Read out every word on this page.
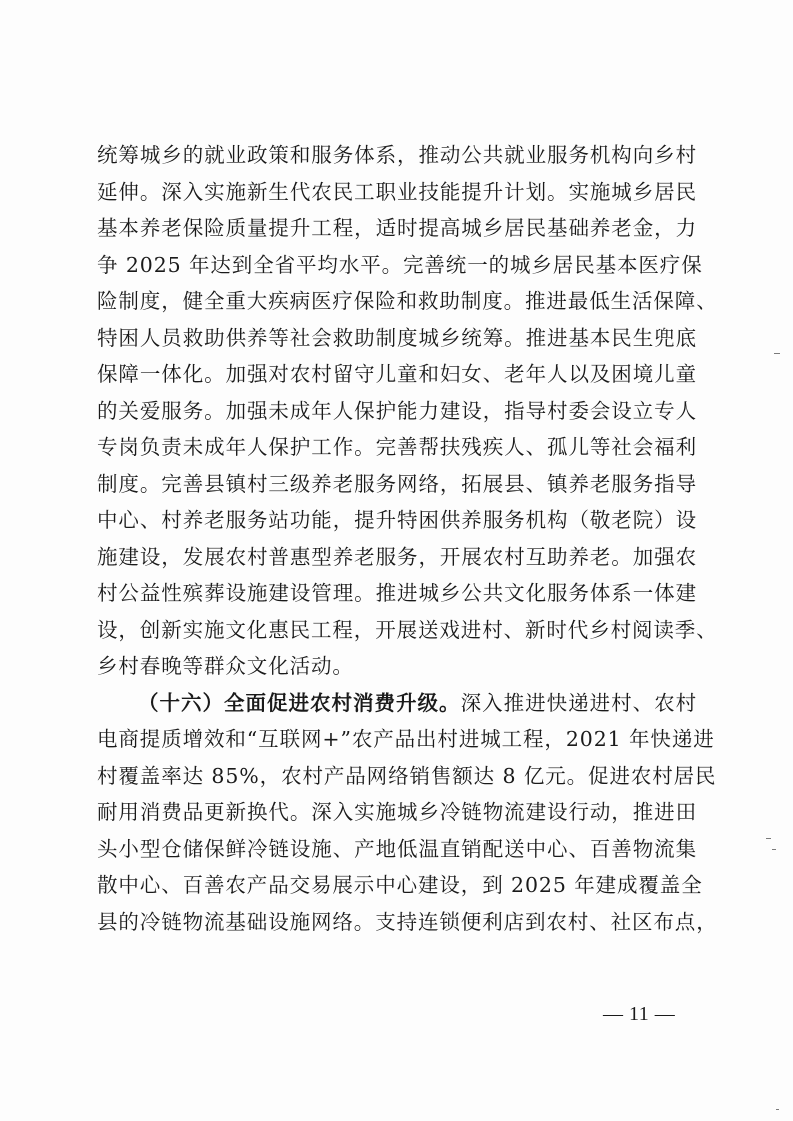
统筹城乡的就业政策和服务体系，推动公共就业服务机构向乡村
延伸。深入实施新生代农民工职业技能提升计划。实施城乡居民
基本养老保险质量提升工程，适时提高城乡居民基础养老金，力
争 2025 年达到全省平均水平。完善统一的城乡居民基本医疗保
险制度，健全重大疾病医疗保险和救助制度。推进最低生活保障、
特困人员救助供养等社会救助制度城乡统筹。推进基本民生兜底
保障一体化。加强对农村留守儿童和妇女、老年人以及困境儿童
的关爱服务。加强未成年人保护能力建设，指导村委会设立专人
专岗负责未成年人保护工作。完善帮扶残疾人、孤儿等社会福利
制度。完善县镇村三级养老服务网络，拓展县、镇养老服务指导
中心、村养老服务站功能，提升特困供养服务机构（敬老院）设
施建设，发展农村普惠型养老服务，开展农村互助养老。加强农
村公益性殡葬设施建设管理。推进城乡公共文化服务体系一体建
设，创新实施文化惠民工程，开展送戏进村、新时代乡村阅读季、
乡村春晚等群众文化活动。
（十六）全面促进农村消费升级。深入推进快递进村、农村
电商提质增效和“互联网+”农产品出村进城工程，2021 年快递进
村覆盖率达 85%，农村产品网络销售额达 8 亿元。促进农村居民
耐用消费品更新换代。深入实施城乡冷链物流建设行动，推进田
头小型仓储保鲜冷链设施、产地低温直销配送中心、百善物流集
散中心、百善农产品交易展示中心建设，到 2025 年建成覆盖全
县的冷链物流基础设施网络。支持连锁便利店到农村、社区布点，
— 11 —
